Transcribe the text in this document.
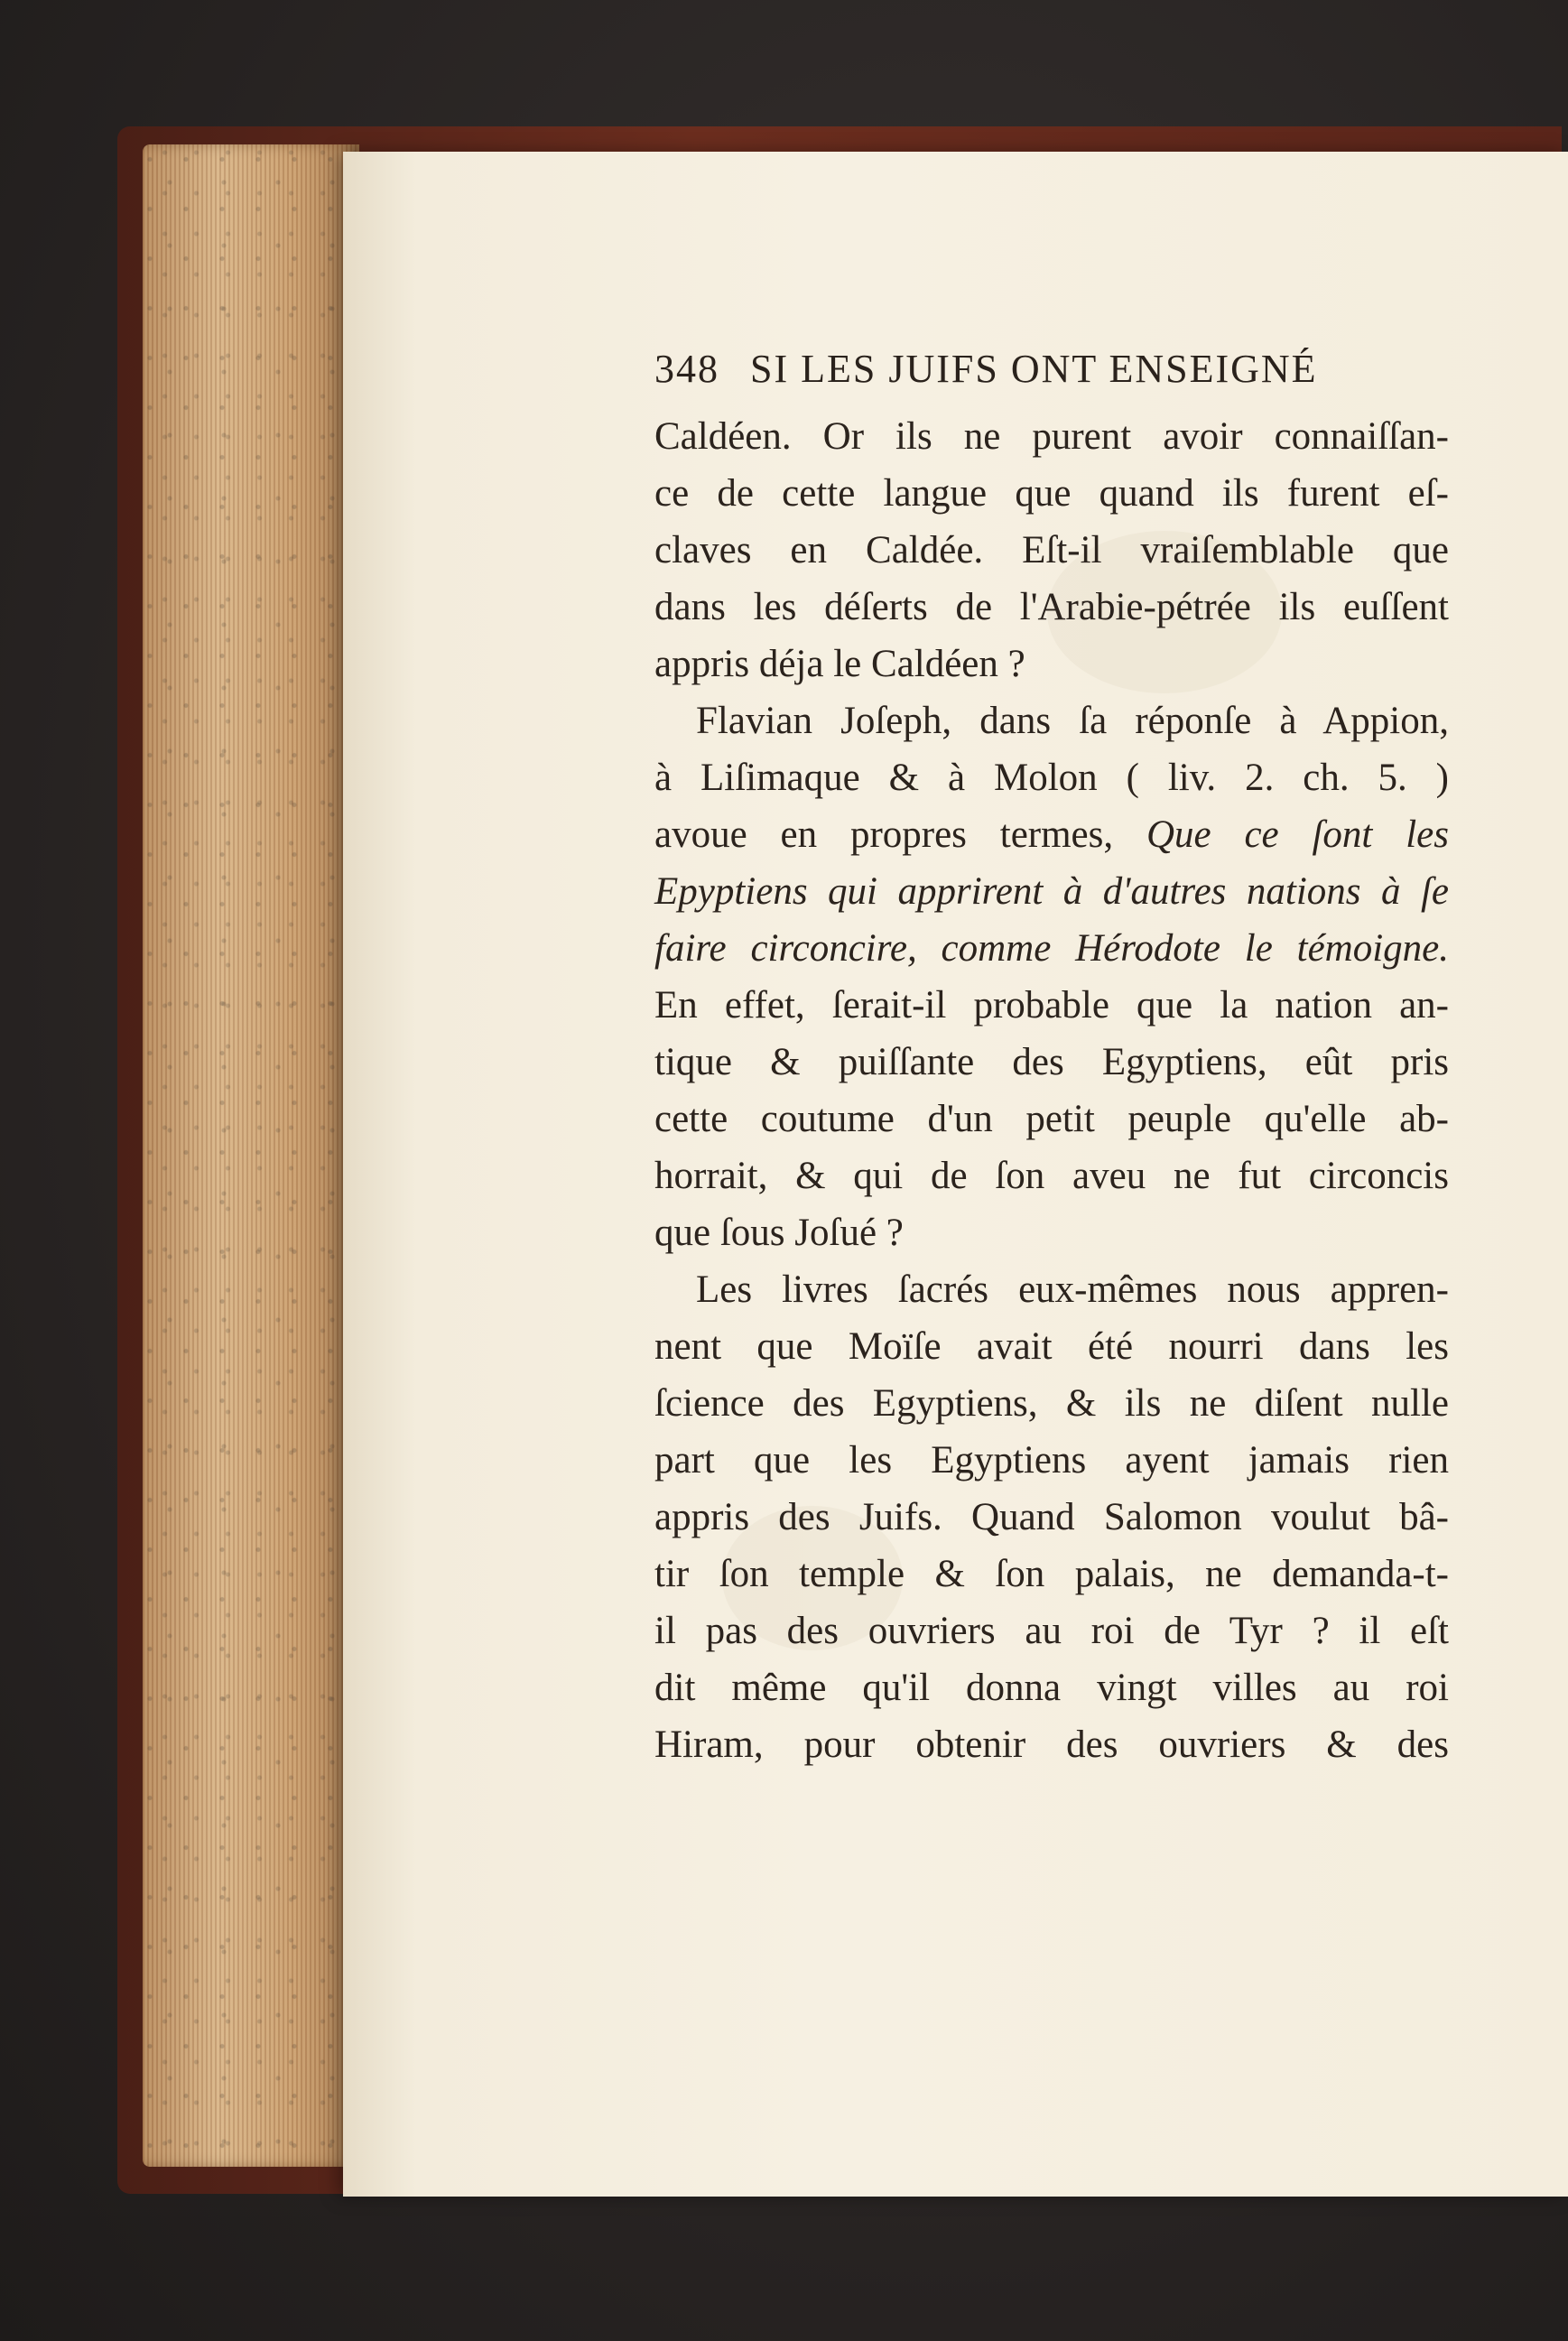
348 SI LES JUIFS ONT ENSEIGNÉ
Caldéen. Or ils ne purent avoir connaiſſan-
ce de cette langue que quand ils furent eſ-
claves en Caldée. Eſt-il vraiſemblable que
dans les déſerts de l'Arabie-pétrée ils euſſent
appris déja le Caldéen ?
Flavian Joſeph, dans ſa réponſe à Appion,
à Liſimaque & à Molon ( liv. 2. ch. 5. )
avoue en propres termes, Que ce ſont les
Epyptiens qui apprirent à d'autres nations à ſe
faire circoncire, comme Hérodote le témoigne.
En effet, ſerait-il probable que la nation an-
tique & puiſſante des Egyptiens, eût pris
cette coutume d'un petit peuple qu'elle ab-
horrait, & qui de ſon aveu ne fut circoncis
que ſous Joſué ?
Les livres ſacrés eux-mêmes nous appren-
nent que Moïſe avait été nourri dans les
ſcience des Egyptiens, & ils ne diſent nulle
part que les Egyptiens ayent jamais rien
appris des Juifs. Quand Salomon voulut bâ-
tir ſon temple & ſon palais, ne demanda-t-
il pas des ouvriers au roi de Tyr ? il eſt
dit même qu'il donna vingt villes au roi
Hiram, pour obtenir des ouvriers & des
